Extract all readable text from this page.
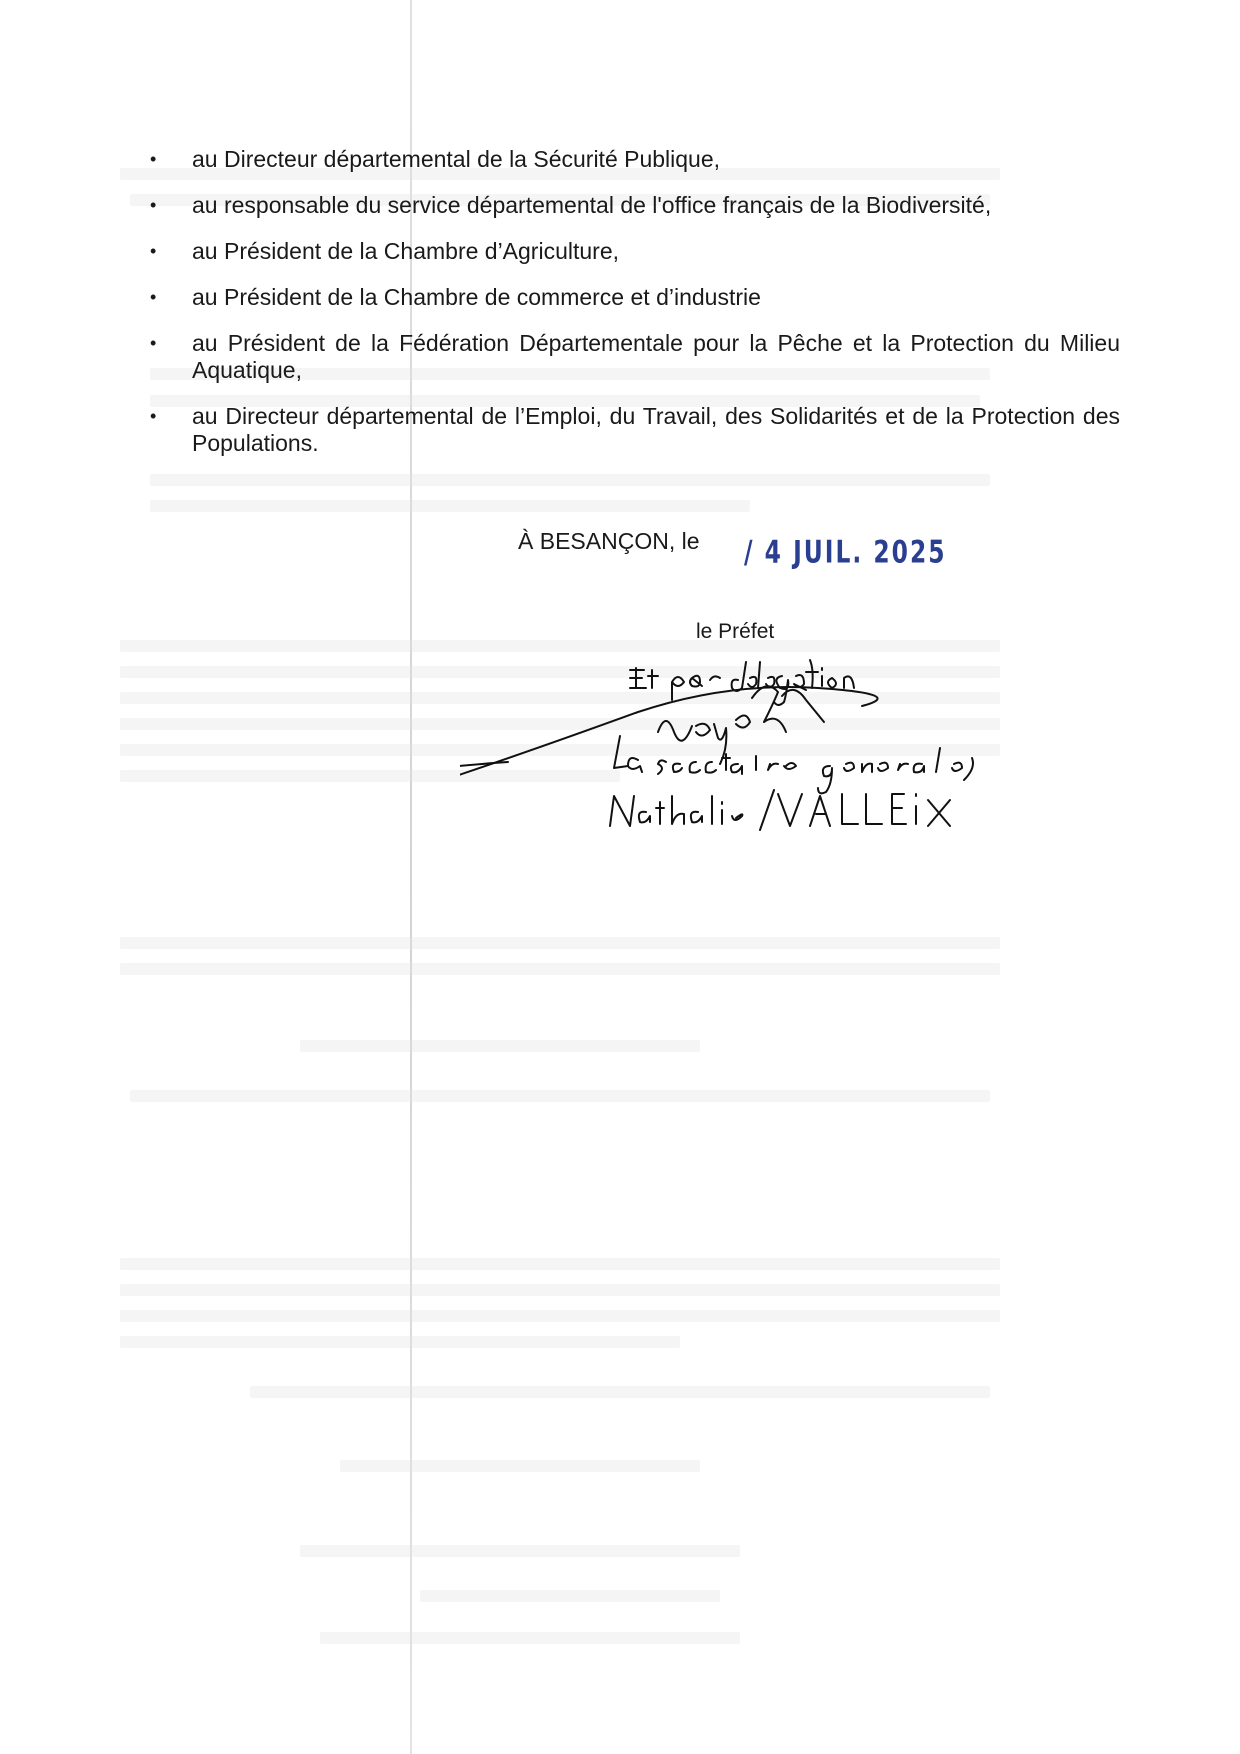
• au Directeur départemental de la Sécurité Publique,
• au responsable du service départemental de l'office français de la Biodiversité,
• au Président de la Chambre d’Agriculture,
• au Président de la Chambre de commerce et d’industrie
• au Président de la Fédération Départementale pour la Pêche et la Protection du Milieu Aquatique,
• au Directeur départemental de l’Emploi, du Travail, des Solidarités et de la Protection des Populations.
À BESANÇON, le / 4 JUIL. 2025
le Préfet
